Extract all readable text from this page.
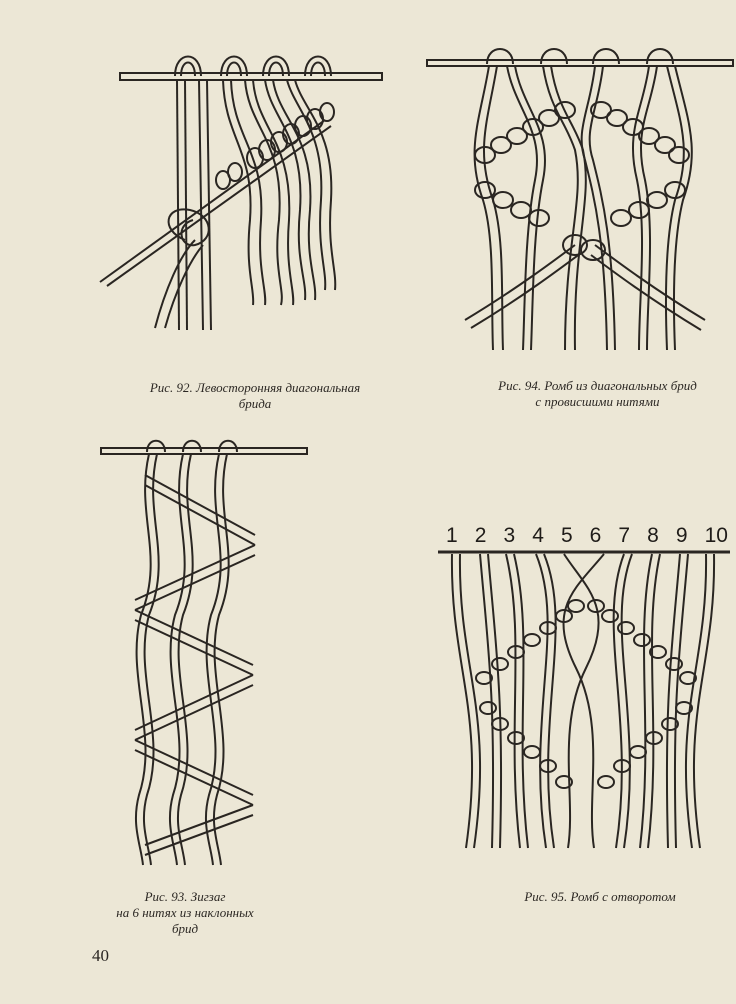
Рис. 92. Левосторонняя диагональная
брида
Рис. 94. Ромб из диагональных брид
с провисшими нитями
Рис. 93. Зигзаг
на 6 нитях из наклонных
брид
1 2 3 4 5 6 7 8 9 10
Рис. 95. Ромб с отворотом
40
